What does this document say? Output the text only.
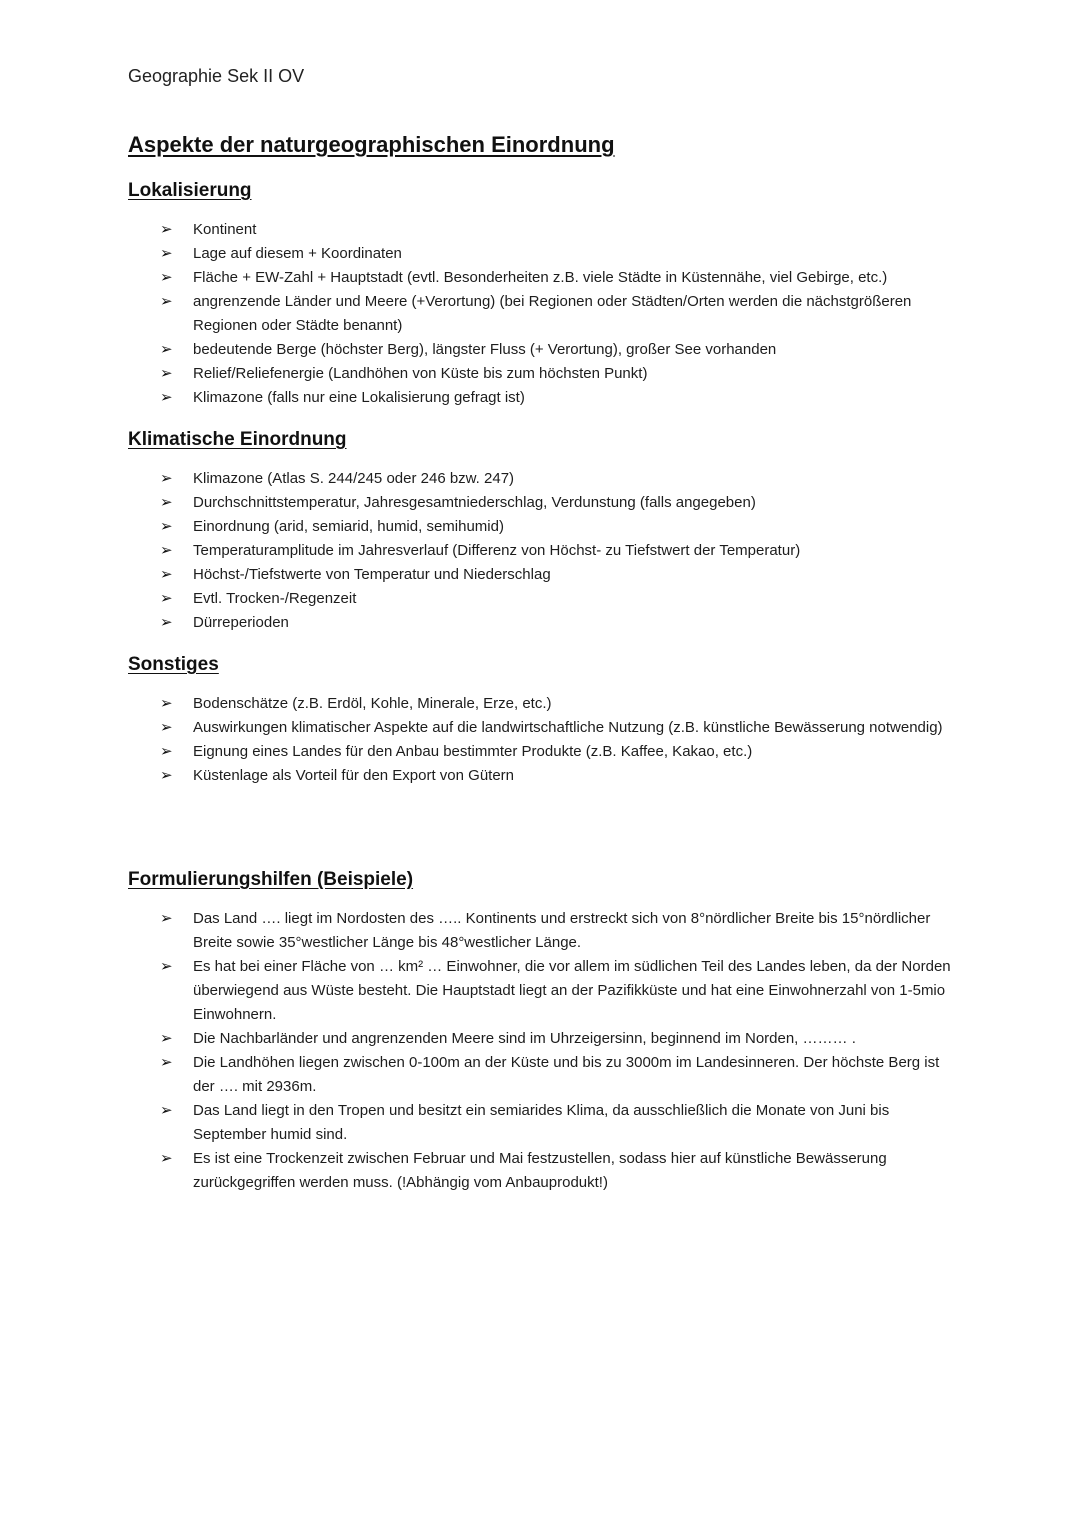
Geographie Sek II OV
Aspekte der naturgeographischen Einordnung
Lokalisierung
➢ Kontinent
➢ Lage auf diesem + Koordinaten
➢ Fläche + EW-Zahl + Hauptstadt (evtl. Besonderheiten z.B. viele Städte in Küstennähe, viel Gebirge, etc.)
➢ angrenzende Länder und Meere (+Verortung) (bei Regionen oder Städten/Orten werden die nächstgrößeren Regionen oder Städte benannt)
➢ bedeutende Berge (höchster Berg), längster Fluss (+ Verortung), großer See vorhanden
➢ Relief/Reliefenergie (Landhöhen von Küste bis zum höchsten Punkt)
➢ Klimazone (falls nur eine Lokalisierung gefragt ist)
Klimatische Einordnung
➢ Klimazone (Atlas S. 244/245 oder 246 bzw. 247)
➢ Durchschnittstemperatur, Jahresgesamtniederschlag, Verdunstung (falls angegeben)
➢ Einordnung (arid, semiarid, humid, semihumid)
➢ Temperaturamplitude im Jahresverlauf (Differenz von Höchst- zu Tiefstwert der Temperatur)
➢ Höchst-/Tiefstwerte von Temperatur und Niederschlag
➢ Evtl. Trocken-/Regenzeit
➢ Dürreperioden
Sonstiges
➢ Bodenschätze (z.B. Erdöl, Kohle, Minerale, Erze, etc.)
➢ Auswirkungen klimatischer Aspekte auf die landwirtschaftliche Nutzung (z.B. künstliche Bewässerung notwendig)
➢ Eignung eines Landes für den Anbau bestimmter Produkte (z.B. Kaffee, Kakao, etc.)
➢ Küstenlage als Vorteil für den Export von Gütern
Formulierungshilfen (Beispiele)
➢ Das Land …. liegt im Nordosten des ….. Kontinents und erstreckt sich von 8°nördlicher Breite bis 15°nördlicher Breite sowie 35°westlicher Länge bis 48°westlicher Länge.
➢ Es hat bei einer Fläche von … km² … Einwohner, die vor allem im südlichen Teil des Landes leben, da der Norden überwiegend aus Wüste besteht. Die Hauptstadt liegt an der Pazifikküste und hat eine Einwohnerzahl von 1-5mio Einwohnern.
➢ Die Nachbarländer und angrenzenden Meere sind im Uhrzeigersinn, beginnend im Norden, ……… .
➢ Die Landhöhen liegen zwischen 0-100m an der Küste und bis zu 3000m im Landesinneren. Der höchste Berg ist der …. mit 2936m.
➢ Das Land liegt in den Tropen und besitzt ein semiarides Klima, da ausschließlich die Monate von Juni bis September humid sind.
➢ Es ist eine Trockenzeit zwischen Februar und Mai festzustellen, sodass hier auf künstliche Bewässerung zurückgegriffen werden muss. (!Abhängig vom Anbauprodukt!)
